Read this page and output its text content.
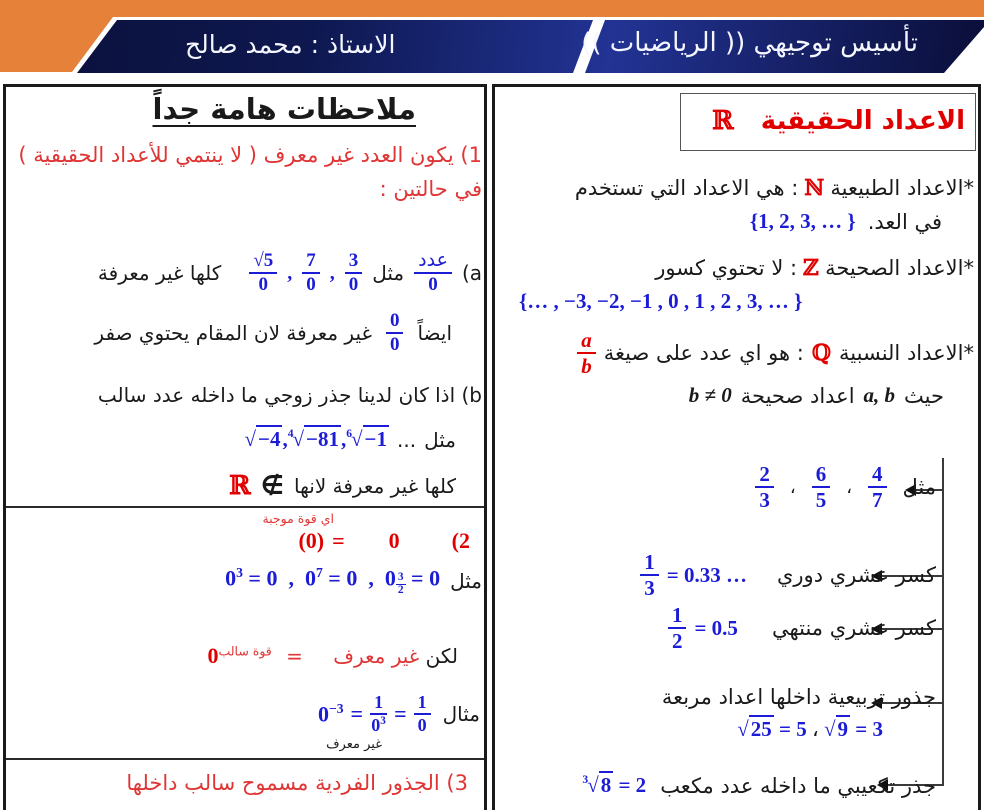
تأسيس توجيهي (( الرياضيات ))
الاستاذ : محمد صالح
الاعداد الحقيقية   ℝ
*الاعداد الطبيعية
ℕ
: هي الاعداد التي تستخدم
في العد.
{1, 2, 3, … }
*الاعداد الصحيحة
ℤ
: لا تحتوي كسور
{… , −3, −2, −1 , 0 , 1 , 2 , 3, … }
*الاعداد النسبية
ℚ
: هو اي عدد على صيغة
$\frac{a}{b}$
حيث
a, b
اعداد صحيحة
b ≠ 0
مثل
$\frac{4}{7}$
،
$\frac{6}{5}$
،
$\frac{2}{3}$
كسر عشري دوري
$\frac{1}{3} = 0.33$ …
كسر عشري منتهي
$\frac{1}{2} = 0.5$
جذور تربيعية داخلها اعداد مربعة
√25 = 5 ، √9 = 3
جذر تكعيبي ما داخله عدد مكعب
$^3$√8 = 2
ملاحظات هامة جداً
1) يكون العدد غير معرف ( لا ينتمي للأعداد الحقيقية )
في حالتين :
(a
$\frac{\text{عدد}}{0}$
مثل
$\frac{3}{0}$
,
$\frac{7}{0}$
,
$\frac{√5}{0}$
كلها غير معرفة
ايضاً
$\frac{0}{0}$
غير معرفة لان المقام يحتوي صفر
b) اذا كان لدينا جذر زوجي ما داخله عدد سالب
مثل
...
√−4,$^4$√−81,$^6$√−1
كلها غير معرفة لانها
∌
ℝ
اي قوة موجبة
(2
0
=
(0)
مثل
$0^3 = 0$ , $0^7 = 0$ , $0 \frac{3}{2} = 0$
لكن غير معرف = $^{قوة سالب}$0
مثال
$0^{-3} = \frac{1}{0^3} = \frac{1}{0}$
غير معرف
3) الجذور الفردية مسموح سالب داخلها
